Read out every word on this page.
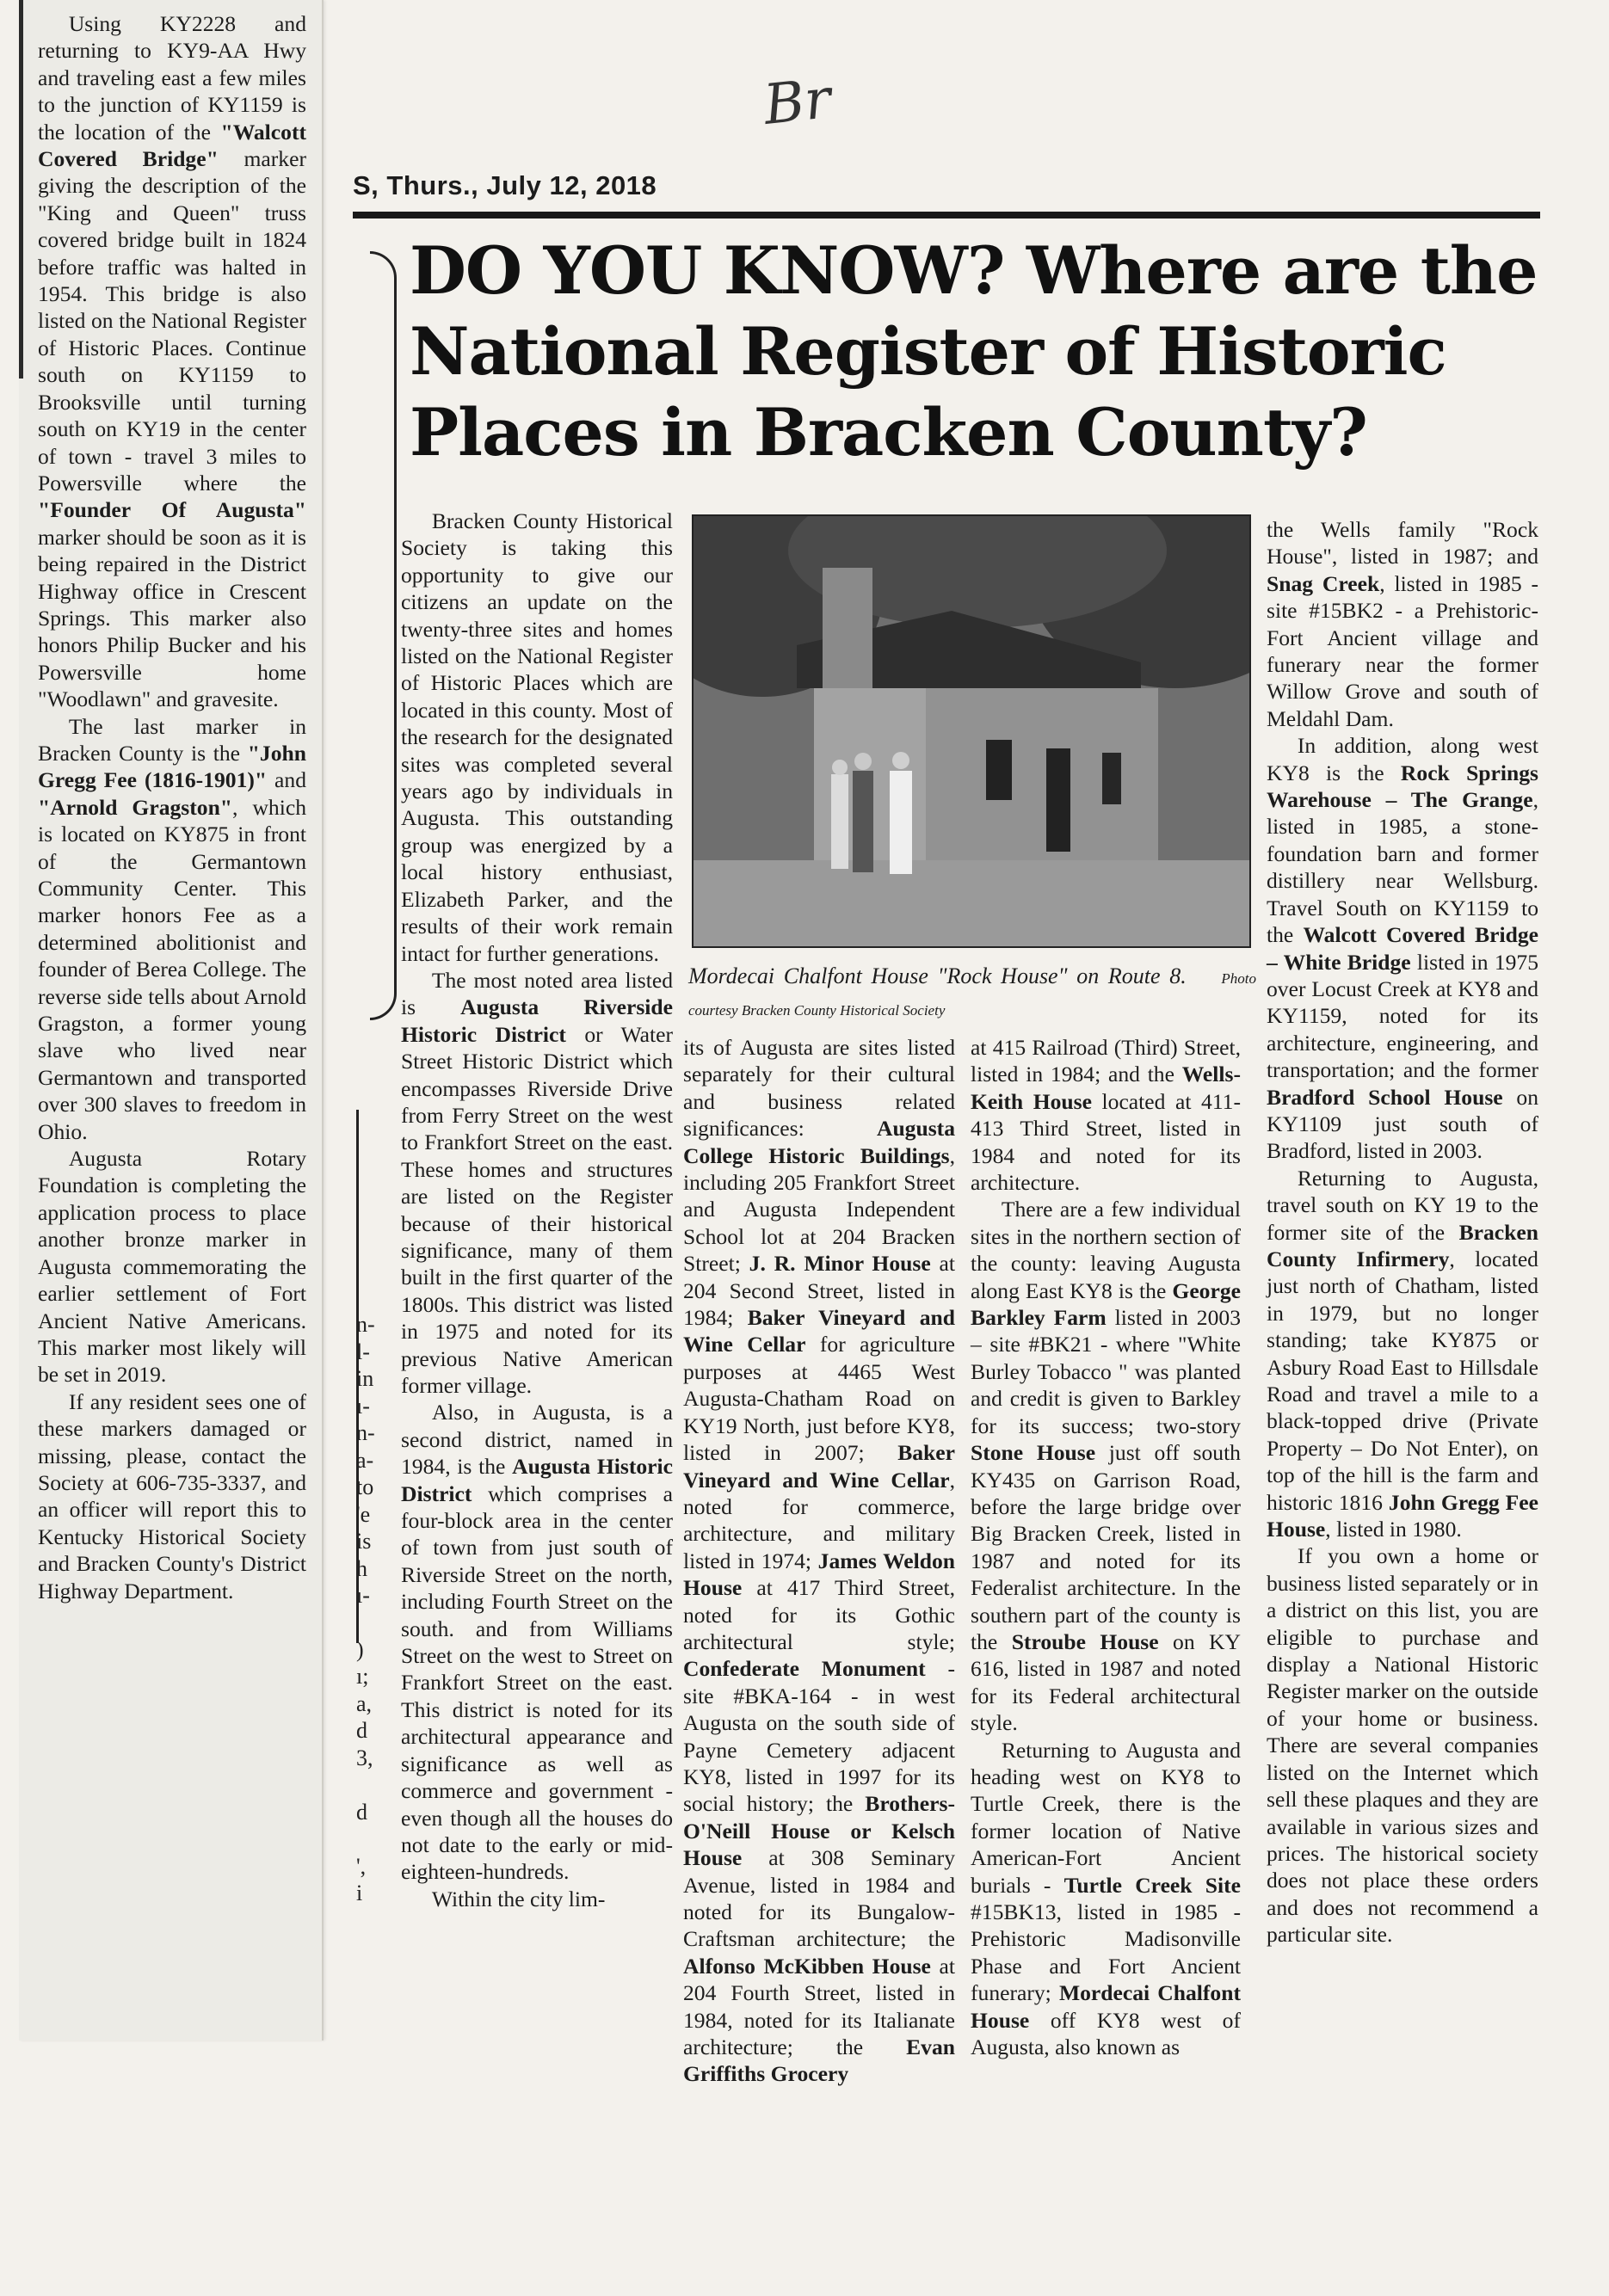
Using KY2228 and returning to KY9-AA Hwy and traveling east a few miles to the junction of KY1159 is the location of the "Walcott Covered Bridge" marker giving the description of the "King and Queen" truss covered bridge built in 1824 before traffic was halted in 1954. This bridge is also listed on the National Register of Historic Places. Continue south on KY1159 to Brooksville until turning south on KY19 in the center of town - travel 3 miles to Powersville where the "Founder Of Augusta" marker should be soon as it is being repaired in the District Highway office in Crescent Springs. This marker also honors Philip Bucker and his Powersville home "Woodlawn" and gravesite.

The last marker in Bracken County is the "John Gregg Fee (1816-1901)" and "Arnold Gragston", which is located on KY875 in front of the Germantown Community Center. This marker honors Fee as a determined abolitionist and founder of Berea College. The reverse side tells about Arnold Gragston, a former young slave who lived near Germantown and transported over 300 slaves to freedom in Ohio.

Augusta Rotary Foundation is completing the application process to place another bronze marker in Augusta commemorating the earlier settlement of Fort Ancient Native Americans. This marker most likely will be set in 2019.

If any resident sees one of these markers damaged or missing, please, contact the Society at 606-735-3337, and an officer will report this to Kentucky Historical Society and Bracken County's District Highway Department.

Br
S, Thurs., July 12, 2018
DO YOU KNOW? Where are the National Register of Historic Places in Bracken County?
n-
l-
in
ı-
n-
a-
to
'e
is
h
ı-
)
ı;
a,
d
3,
d
',
i

Bracken County Historical Society is taking this opportunity to give our citizens an update on the twenty-three sites and homes listed on the National Register of Historic Places which are located in this county. Most of the research for the designated sites was completed several years ago by individuals in Augusta. This outstanding group was energized by a local history enthusiast, Elizabeth Parker, and the results of their work remain intact for further generations.

The most noted area listed is Augusta Riverside Historic District or Water Street Historic District which encompasses Riverside Drive from Ferry Street on the west to Frankfort Street on the east. These homes and structures are listed on the Register because of their historical significance, many of them built in the first quarter of the 1800s. This district was listed in 1975 and noted for its previous Native American former village.

Also, in Augusta, is a second district, named in 1984, is the Augusta Historic District which comprises a four-block area in the center of town from just south of Riverside Street on the north, including Fourth Street on the south. and from Williams Street on the west to Street on Frankfort Street on the east. This district is noted for its architectural appearance and significance as well as commerce and government - even though all the houses do not date to the early or mid-eighteen-hundreds.

Within the city lim-

Mordecai Chalfont House "Rock House" on Route 8. Photo courtesy Bracken County Historical Society

its of Augusta are sites listed separately for their cultural and business related significances:	Augusta College Historic Buildings, including 205 Frankfort Street and Augusta Independent School lot at 204 Bracken Street; J. R. Minor House at 204 Second Street, listed in 1984; Baker Vineyard and Wine Cellar for agriculture purposes at 4465 West Augusta-Chatham Road on KY19 North, just before KY8, listed in 2007; Baker Vineyard and Wine Cellar, noted for commerce, architecture, and military listed in 1974; James Weldon House at 417 Third Street, noted for its Gothic architectural style; Confederate Monument - site #BKA-164 - in west Augusta on the south side of Payne Cemetery adjacent KY8, listed in 1997 for its social history; the Brothers-O'Neill House or Kelsch House at 308 Seminary Avenue, listed in 1984 and noted for its Bungalow-Craftsman architecture; the Alfonso McKibben House at 204 Fourth Street, listed in 1984, noted for its Italianate architecture; the Evan Griffiths Grocery

at 415 Railroad (Third) Street, listed in 1984; and the Wells-Keith House located at 411-413 Third Street, listed in 1984 and noted for its architecture.

There are a few individual sites in the northern section of the county: leaving Augusta along East KY8 is the George Barkley Farm listed in 2003 – site #BK21 - where "White Burley Tobacco " was planted and credit is given to Barkley for its success; two-story Stone House just off south KY435 on Garrison Road, before the large bridge over Big Bracken Creek, listed in 1987 and noted for its Federalist architecture. In the southern part of the county is the Stroube House on KY 616, listed in 1987 and noted for its Federal architectural style.

Returning to Augusta and heading west on KY8 to Turtle Creek, there is the former location of Native American-Fort Ancient burials - Turtle Creek Site #15BK13, listed in 1985 - Prehistoric Madisonville Phase and Fort Ancient funerary; Mordecai Chalfont House off KY8 west of Augusta, also known as

the Wells family "Rock House", listed in 1987; and Snag Creek, listed in 1985 - site #15BK2 - a Prehistoric-Fort Ancient village and funerary near the former Willow Grove and south of Meldahl Dam.

In addition, along west KY8 is the Rock Springs Warehouse – The Grange, listed in 1985, a stone-foundation barn and former distillery near Wellsburg. Travel South on KY1159 to the Walcott Covered Bridge – White Bridge listed in 1975 over Locust Creek at KY8 and KY1159, noted for its architecture, engineering, and transportation; and the former Bradford School House on KY1109 just south of Bradford, listed in 2003.

Returning to Augusta, travel south on KY 19 to the former site of the Bracken County Infirmery, located just north of Chatham, listed in 1979, but no longer standing; take KY875 or Asbury Road East to Hillsdale Road and travel a mile to a black-topped drive (Private Property – Do Not Enter), on top of the hill is the farm and historic 1816 John Gregg Fee House, listed in 1980.

If you own a home or business listed separately or in a district on this list, you are eligible to purchase and display a National Historic Register marker on the outside of your home or business. There are several companies listed on the Internet which sell these plaques and they are available in various sizes and prices. The historical society does not place these orders and does not recommend a particular site.
